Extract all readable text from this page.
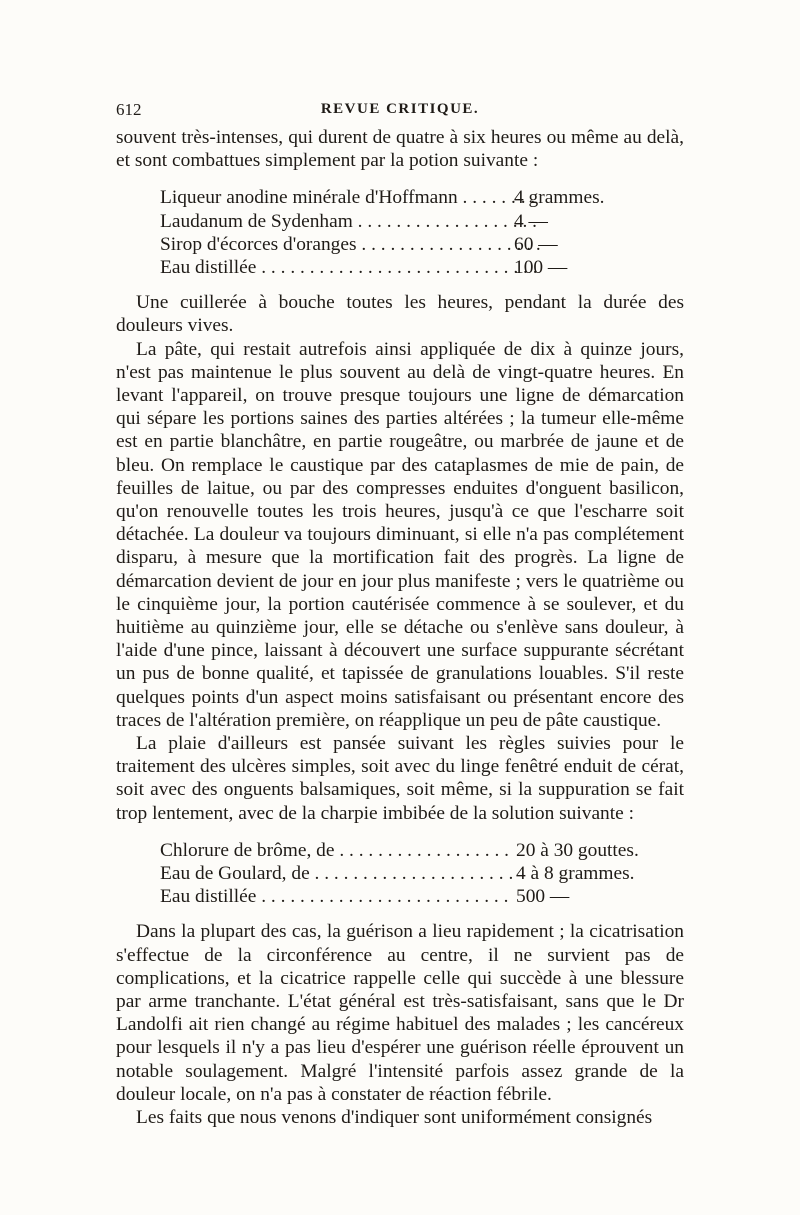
612	REVUE CRITIQUE.

souvent très-intenses, qui durent de quatre à six heures ou même au delà, et sont combattues simplement par la potion suivante :

Liqueur anodine minérale d'Hoffmann . . .	4 grammes.
Laudanum de Sydenham . . .	4 —
Sirop d'écorces d'oranges . . .	60 —
Eau distillée . . .	100 —

Une cuillerée à bouche toutes les heures, pendant la durée des douleurs vives.

La pâte, qui restait autrefois ainsi appliquée de dix à quinze jours, n'est pas maintenue le plus souvent au delà de vingt-quatre heures. En levant l'appareil, on trouve presque toujours une ligne de démarcation qui sépare les portions saines des parties altérées ; la tumeur elle-même est en partie blanchâtre, en partie rougeâtre, ou marbrée de jaune et de bleu. On remplace le caustique par des cataplasmes de mie de pain, de feuilles de laitue, ou par des compresses enduites d'onguent basilicon, qu'on renouvelle toutes les trois heures, jusqu'à ce que l'escharre soit détachée. La douleur va toujours diminuant, si elle n'a pas complétement disparu, à mesure que la mortification fait des progrès. La ligne de démarcation devient de jour en jour plus manifeste ; vers le quatrième ou le cinquième jour, la portion cautérisée commence à se soulever, et du huitième au quinzième jour, elle se détache ou s'enlève sans douleur, à l'aide d'une pince, laissant à découvert une surface suppurante sécrétant un pus de bonne qualité, et tapissée de granulations louables. S'il reste quelques points d'un aspect moins satisfaisant ou présentant encore des traces de l'altération première, on réapplique un peu de pâte caustique.

La plaie d'ailleurs est pansée suivant les règles suivies pour le traitement des ulcères simples, soit avec du linge fenêtré enduit de cérat, soit avec des onguents balsamiques, soit même, si la suppuration se fait trop lentement, avec de la charpie imbibée de la solution suivante :

Chlorure de brôme, de . . .	20 à 30 gouttes.
Eau de Goulard, de . . .	4 à 8 grammes.
Eau distillée . . .	500 —

Dans la plupart des cas, la guérison a lieu rapidement ; la cicatrisation s'effectue de la circonférence au centre, il ne survient pas de complications, et la cicatrice rappelle celle qui succède à une blessure par arme tranchante. L'état général est très-satisfaisant, sans que le Dr Landolfi ait rien changé au régime habituel des malades ; les cancéreux pour lesquels il n'y a pas lieu d'espérer une guérison réelle éprouvent un notable soulagement. Malgré l'intensité parfois assez grande de la douleur locale, on n'a pas à constater de réaction fébrile.

Les faits que nous venons d'indiquer sont uniformément consignés
